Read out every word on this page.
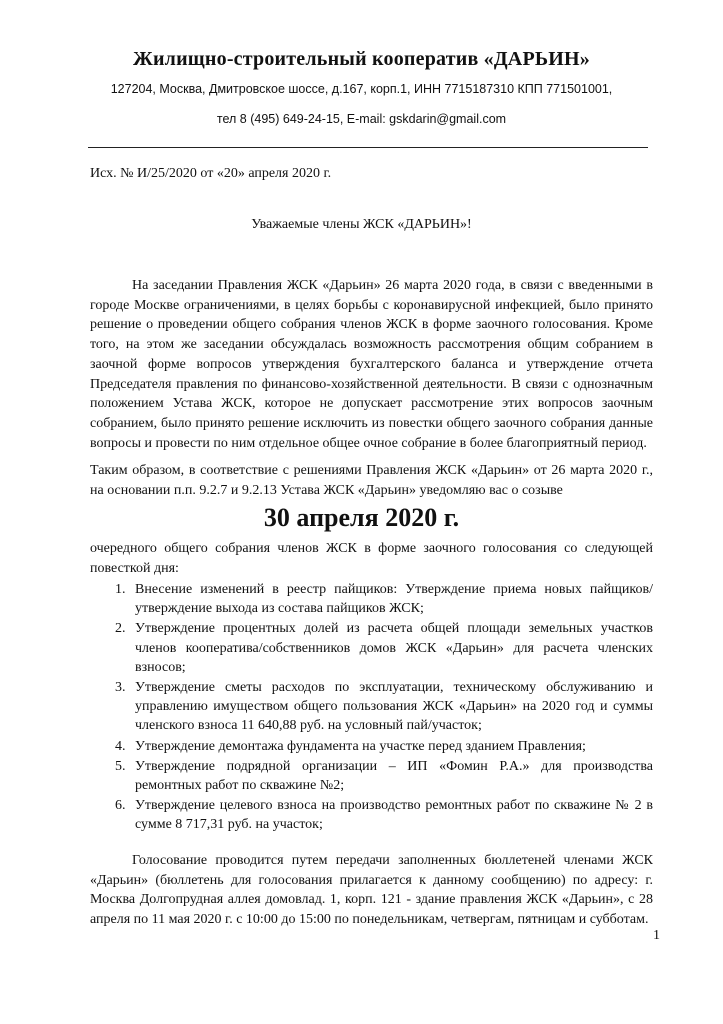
Жилищно-строительный кооператив «ДАРЬИН»
127204, Москва, Дмитровское шоссе, д.167, корп.1, ИНН 7715187310 КПП 771501001,
тел 8 (495) 649-24-15, E-mail: gskdarin@gmail.com
Исх. № И/25/2020 от «20» апреля 2020 г.
Уважаемые члены ЖСК «ДАРЬИН»!

На заседании Правления ЖСК «Дарьин» 26 марта 2020 года, в связи с введенными в городе Москве ограничениями, в целях борьбы с коронавирусной инфекцией, было принято решение о проведении общего собрания членов ЖСК в форме заочного голосования. Кроме того, на этом же заседании обсуждалась возможность рассмотрения общим собранием в заочной форме вопросов утверждения бухгалтерского баланса и утверждение отчета Председателя правления по финансово-хозяйственной деятельности. В связи с однозначным положением Устава ЖСК, которое не допускает рассмотрение этих вопросов заочным собранием, было принято решение исключить из повестки общего заочного собрания данные вопросы и провести по ним отдельное общее очное собрание в более благоприятный период.

Таким образом, в соответствие с решениями Правления ЖСК «Дарьин» от 26 марта 2020 г., на основании п.п. 9.2.7 и 9.2.13 Устава ЖСК «Дарьин» уведомляю вас о созыве

30 апреля 2020 г.

очередного общего собрания членов ЖСК в форме заочного голосования со следующей повесткой дня:

1. Внесение изменений в реестр пайщиков: Утверждение приема новых пайщиков/утверждение выхода из состава пайщиков ЖСК;
2. Утверждение процентных долей из расчета общей площади земельных участков членов кооператива/собственников домов ЖСК «Дарьин» для расчета членских взносов;
3. Утверждение сметы расходов по эксплуатации, техническому обслуживанию и управлению имуществом общего пользования ЖСК «Дарьин» на 2020 год и суммы членского взноса 11 640,88 руб. на условный пай/участок;
4. Утверждение демонтажа фундамента на участке перед зданием Правления;
5. Утверждение подрядной организации – ИП «Фомин Р.А.» для производства ремонтных работ по скважине №2;
6. Утверждение целевого взноса на производство ремонтных работ по скважине № 2 в сумме 8 717,31 руб. на участок;

Голосование проводится путем передачи заполненных бюллетеней членами ЖСК «Дарьин» (бюллетень для голосования прилагается к данному сообщению) по адресу: г. Москва Долгопрудная аллея домовлад. 1, корп. 121 - здание правления ЖСК «Дарьин», с 28 апреля по 11 мая 2020 г. с 10:00 до 15:00 по понедельникам, четвергам, пятницам и субботам.

1
